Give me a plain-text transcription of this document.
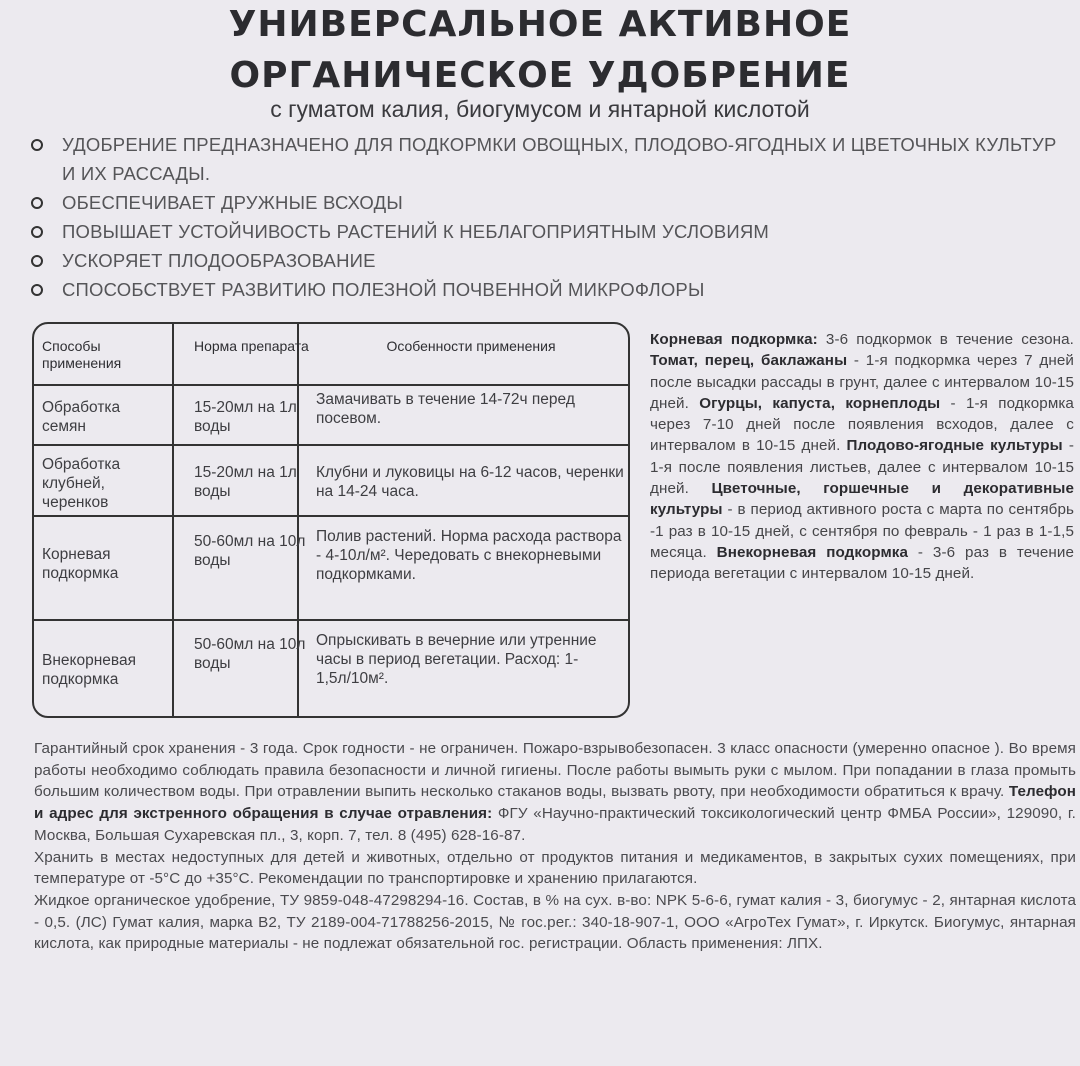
УНИВЕРСАЛЬНОЕ АКТИВНОЕ
ОРГАНИЧЕСКОЕ УДОБРЕНИЕ
с гуматом калия, биогумусом и янтарной кислотой
УДОБРЕНИЕ ПРЕДНАЗНАЧЕНО ДЛЯ ПОДКОРМКИ ОВОЩНЫХ, ПЛОДОВО-ЯГОДНЫХ И ЦВЕТОЧНЫХ КУЛЬТУР И ИХ РАССАДЫ.
ОБЕСПЕЧИВАЕТ ДРУЖНЫЕ ВСХОДЫ
ПОВЫШАЕТ УСТОЙЧИВОСТЬ РАСТЕНИЙ К НЕБЛАГОПРИЯТНЫМ УСЛОВИЯМ
УСКОРЯЕТ ПЛОДООБРАЗОВАНИЕ
СПОСОБСТВУЕТ РАЗВИТИЮ ПОЛЕЗНОЙ ПОЧВЕННОЙ МИКРОФЛОРЫ
Способы применения
Норма препарата	Особенности применения
Обработка семян
15-20мл на 1л воды
Замачивать в течение 14-72ч перед посевом.
Обработка клубней, черенков
15-20мл на 1л воды
Клубни и луковицы на 6-12 часов, черенки на 14-24 часа.
Корневая подкормка
50-60мл на 10л воды
Полив растений. Норма расхода раствора - 4-10л/м². Чередовать с внекорневыми подкормками.
Внекорневая подкормка
50-60мл на 10л воды
Опрыскивать в вечерние или утренние часы в период вегетации. Расход: 1-1,5л/10м².
Корневая подкормка: 3-6 подкормок в течение сезона. Томат, перец, баклажаны - 1-я подкормка через 7 дней после высадки рассады в грунт, далее с интервалом 10-15 дней. Огурцы, капуста, корнеплоды - 1-я подкормка через 7-10 дней после появления всходов, далее с интервалом в 10-15 дней. Плодово-ягодные культуры - 1-я после появления листьев, далее с интервалом 10-15 дней. Цветочные, горшечные и декоративные культуры - в период активного роста с марта по сентябрь -1 раз в 10-15 дней, с сентября по февраль - 1 раз в 1-1,5 месяца. Внекорневая подкормка - 3-6 раз в течение периода вегетации с интервалом 10-15 дней.

Гарантийный срок хранения - 3 года. Срок годности - не ограничен. Пожаро-взрывобезопасен. 3 класс опасности (умеренно опасное ). Во время работы необходимо соблюдать правила безопасности и личной гигиены. После работы вымыть руки с мылом. При попадании в глаза промыть большим количеством воды. При отравлении выпить несколько стаканов воды, вызвать рвоту, при необходимости обратиться к врачу. Телефон и адрес для экстренного обращения в случае отравления: ФГУ «Научно-практический токсикологический центр ФМБА России», 129090, г. Москва, Большая Сухаревская пл., 3, корп. 7, тел. 8 (495) 628-16-87.

Хранить в местах недоступных для детей и животных, отдельно от продуктов питания и медикаментов, в закрытых сухих помещениях, при температуре от -5°С до +35°С. Рекомендации по транспортировке и хранению прилагаются.

Жидкое органическое удобрение, ТУ 9859-048-47298294-16. Состав, в % на сух. в-во: NPK 5-6-6, гумат калия - 3, биогумус - 2, янтарная кислота - 0,5. (ЛС) Гумат калия, марка В2, ТУ 2189-004-71788256-2015, № гос.рег.: 340-18-907-1, ООО «АгроТех Гумат», г. Иркутск. Биогумус, янтарная кислота, как природные материалы - не подлежат обязательной гос. регистрации. Область применения: ЛПХ.
